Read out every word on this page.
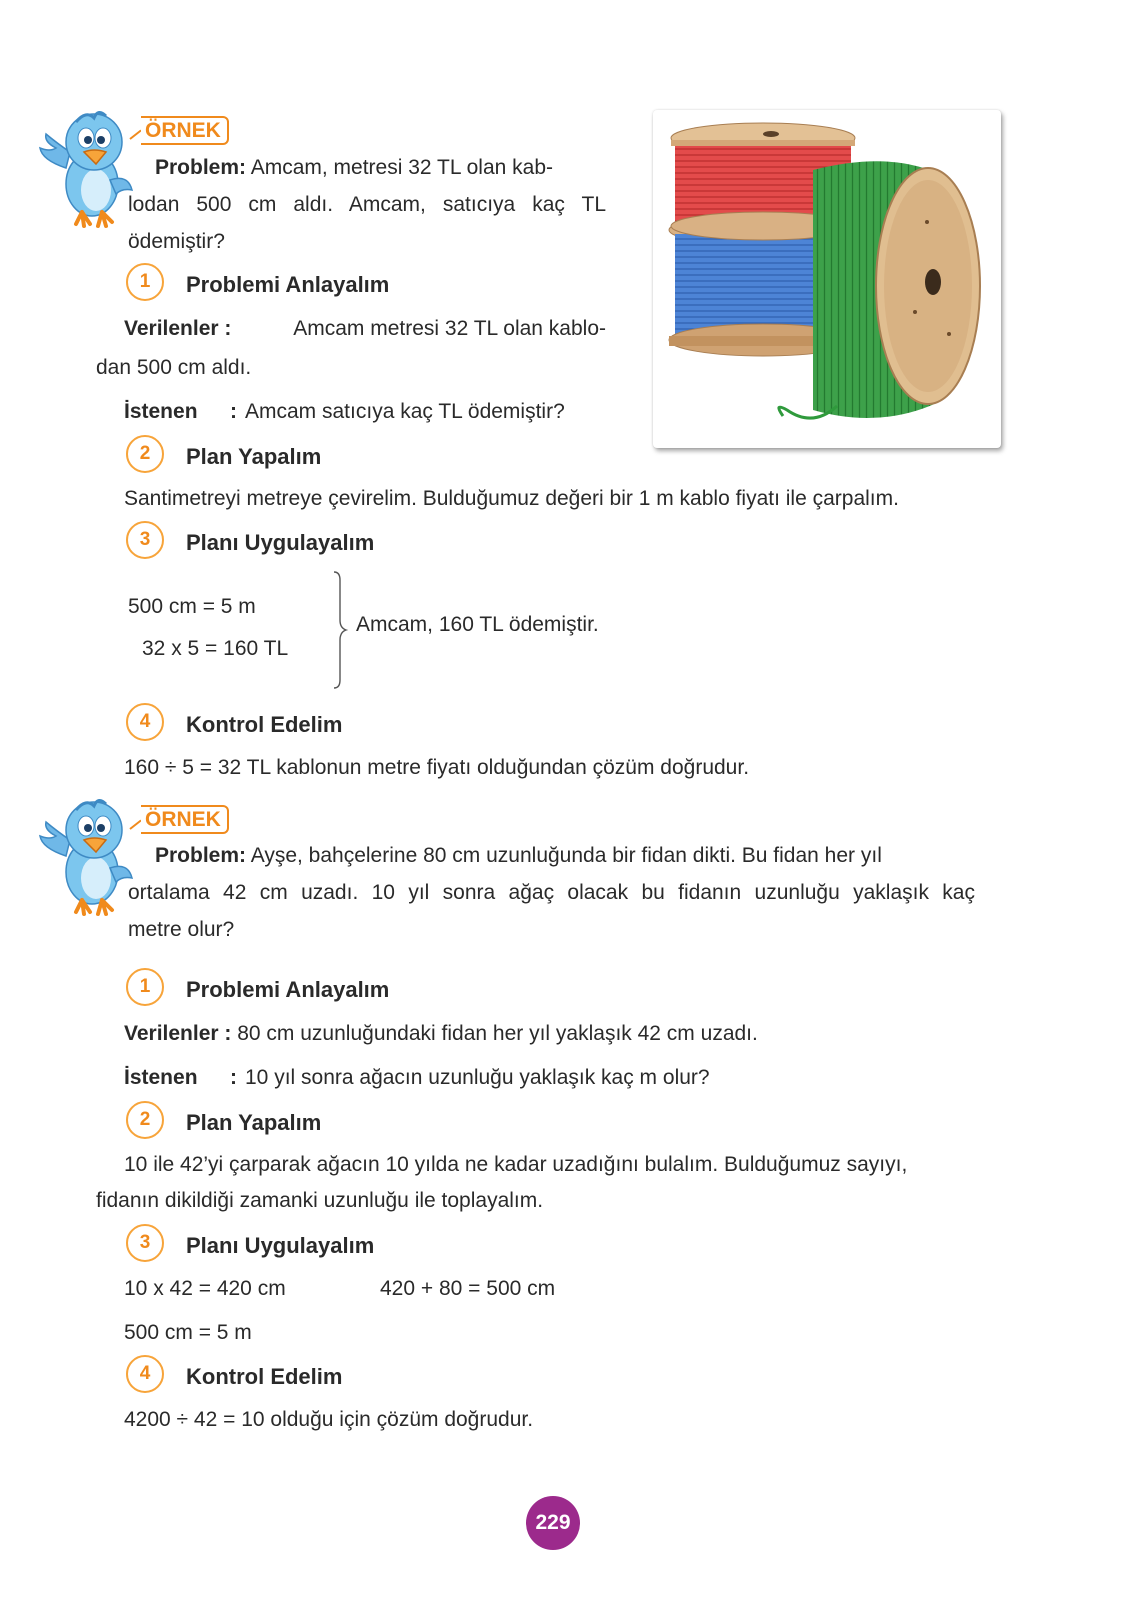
ÖRNEK
Problem: Amcam, metresi 32 TL olan kab-
lodan 500 cm aldı. Amcam, satıcıya kaç TL
ödemiştir?
1	Problemi Anlayalım
Verilenler :	Amcam metresi 32 TL olan kablo-
dan 500 cm aldı.
İstenen : Amcam satıcıya kaç TL ödemiştir?
2	Plan Yapalım
Santimetreyi metreye çevirelim. Bulduğumuz değeri bir 1 m kablo fiyatı ile çarpalım.
3	Planı Uygulayalım
500 cm = 5 m
32 x 5 = 160 TL
Amcam, 160 TL ödemiştir.
4	Kontrol Edelim
160 ÷ 5 = 32 TL kablonun metre fiyatı olduğundan çözüm doğrudur.
ÖRNEK
Problem: Ayşe, bahçelerine 80 cm uzunluğunda bir fidan dikti. Bu fidan her yıl
ortalama 42 cm uzadı. 10 yıl sonra ağaç olacak bu fidanın uzunluğu yaklaşık kaç
metre olur?
1	Problemi Anlayalım
Verilenler : 80 cm uzunluğundaki fidan her yıl yaklaşık 42 cm uzadı.
İstenen : 10 yıl sonra ağacın uzunluğu yaklaşık kaç m olur?
2	Plan Yapalım
10 ile 42’yi çarparak ağacın 10 yılda ne kadar uzadığını bulalım. Bulduğumuz sayıyı,
fidanın dikildiği zamanki uzunluğu ile toplayalım.
3	Planı Uygulayalım
10 x 42 = 420 cm	420 + 80 = 500 cm
500 cm = 5 m
4	Kontrol Edelim
4200 ÷ 42 = 10 olduğu için çözüm doğrudur.
229
